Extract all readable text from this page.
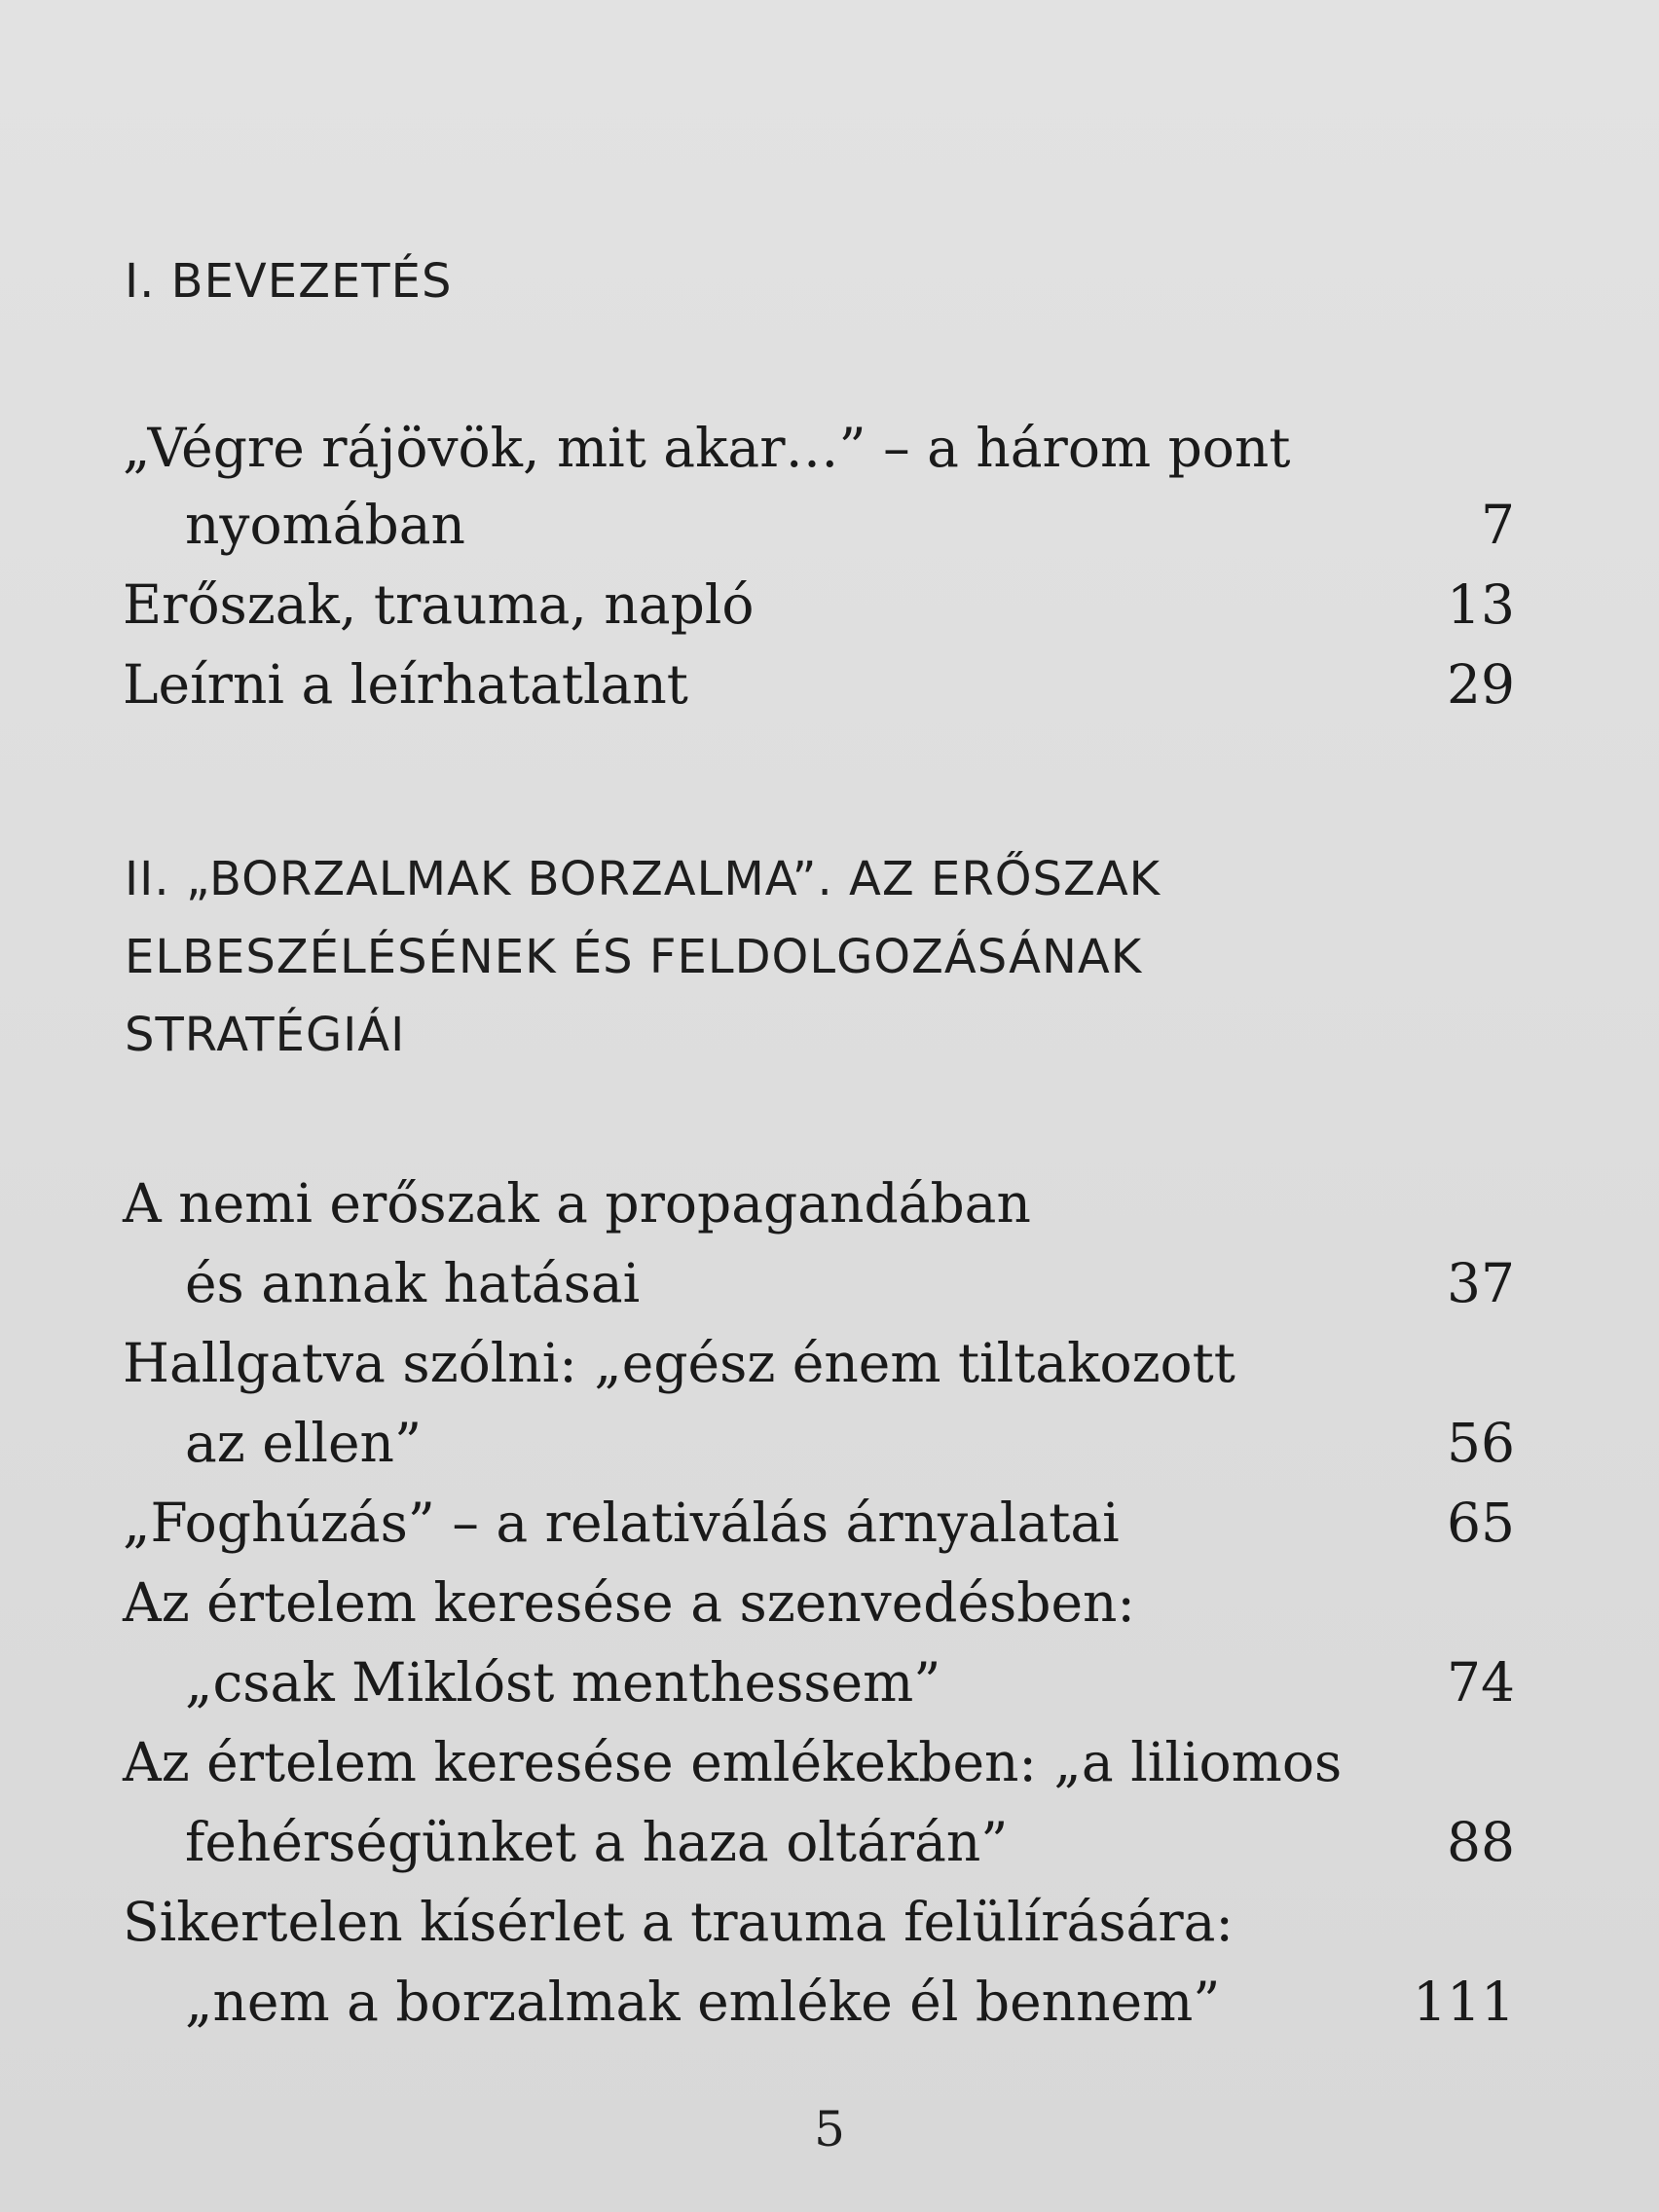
I. BEVEZETÉS
„Végre rájövök, mit akar…” – a három pont
nyomában	7
Erőszak, trauma, napló	13
Leírni a leírhatatlant	29
II. „BORZALMAK BORZALMA”. AZ ERŐSZAK
ELBESZÉLÉSÉNEK ÉS FELDOLGOZÁSÁNAK
STRATÉGIÁI
A nemi erőszak a propagandában
és annak hatásai	37
Hallgatva szólni: „egész énem tiltakozott
az ellen”	56
„Foghúzás” – a relativálás árnyalatai	65
Az értelem keresése a szenvedésben:
„csak Miklóst menthessem”	74
Az értelem keresése emlékekben: „a liliomos
fehérségünket a haza oltárán”	88
Sikertelen kísérlet a trauma felülírására:
„nem a borzalmak emléke él bennem”	111
5
